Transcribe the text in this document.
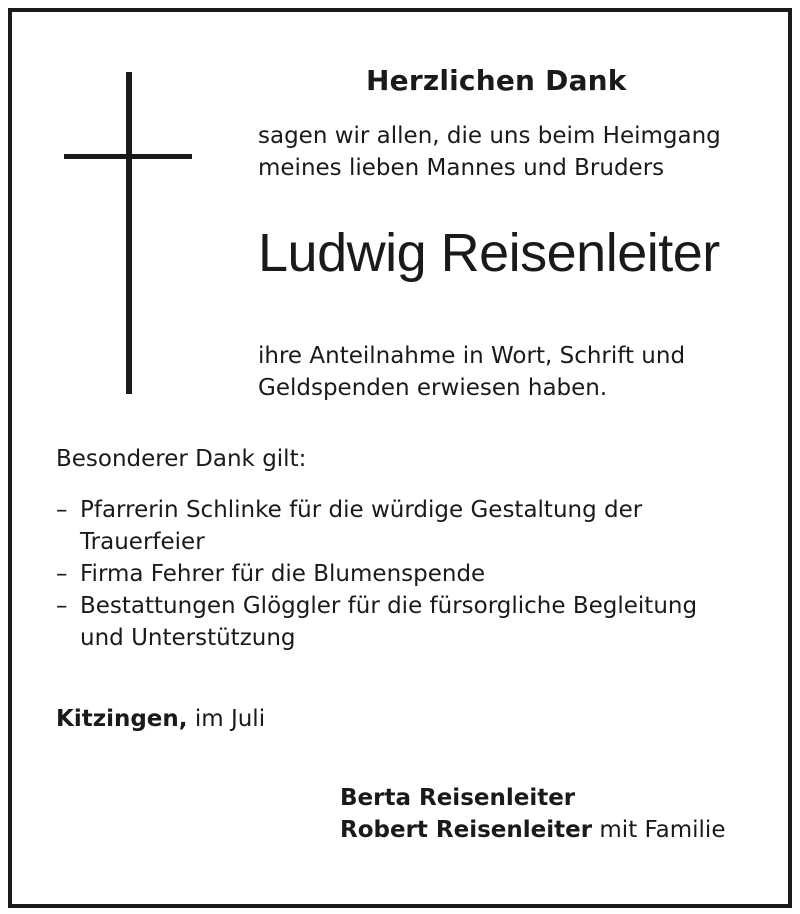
Herzlichen Dank
sagen wir allen, die uns beim Heimgang
meines lieben Mannes und Bruders
Ludwig Reisenleiter
ihre Anteilnahme in Wort, Schrift und
Geldspenden erwiesen haben.
Besonderer Dank gilt:
– Pfarrerin Schlinke für die würdige Gestaltung der
Trauerfeier
– Firma Fehrer für die Blumenspende
– Bestattungen Glöggler für die fürsorgliche Begleitung
und Unterstützung
Kitzingen, im Juli
Berta Reisenleiter
Robert Reisenleiter mit Familie
